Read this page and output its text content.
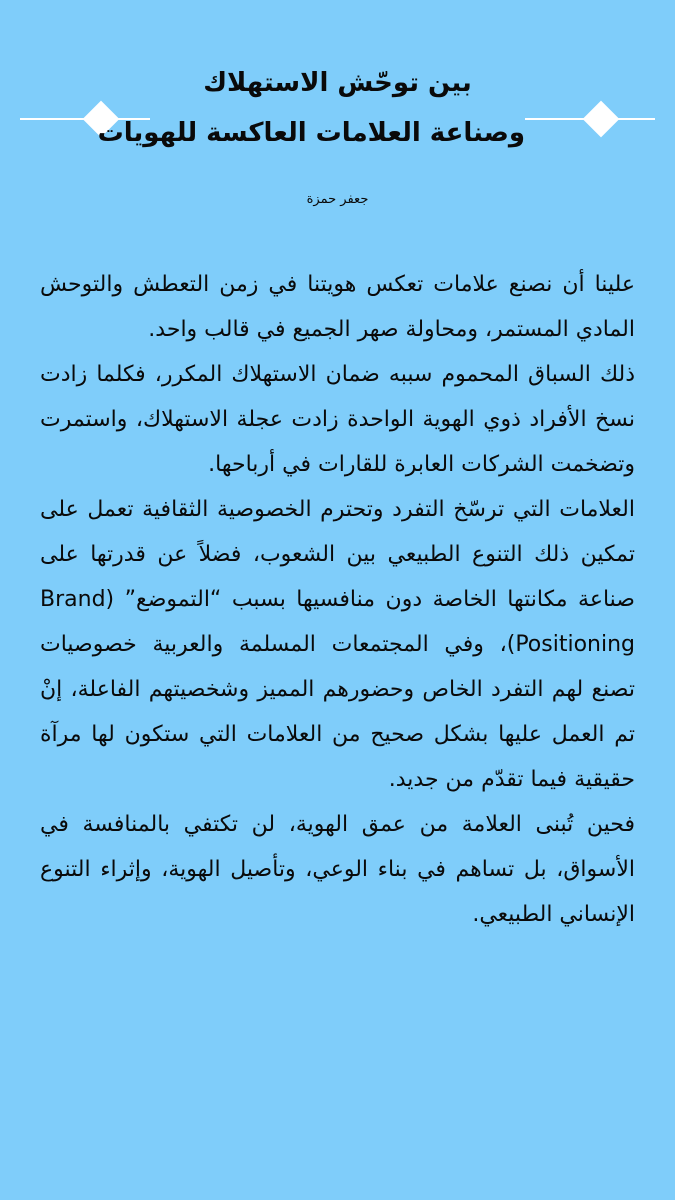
بين توحّش الاستهلاك
وصناعة العلامات العاكسة للهويات
جعفر حمزة

علينا أن نصنع علامات تعكس هويتنا في زمن التعطش والتوحش المادي المستمر، ومحاولة صهر الجميع في قالب واحد.

ذلك السباق المحموم سببه ضمان الاستهلاك المكرر، فكلما زادت نسخ الأفراد ذوي الهوية الواحدة زادت عجلة الاستهلاك، واستمرت وتضخمت الشركات العابرة للقارات في أرباحها.

العلامات التي ترسّخ التفرد وتحترم الخصوصية الثقافية تعمل على تمكين ذلك التنوع الطبيعي بين الشعوب، فضلاً عن قدرتها على صناعة مكانتها الخاصة دون منافسيها بسبب “التموضع” (Brand Positioning)، وفي المجتمعات المسلمة والعربية خصوصيات تصنع لهم التفرد الخاص وحضورهم المميز وشخصيتهم الفاعلة، إنْ تم العمل عليها بشكل صحيح من العلامات التي ستكون لها مرآة حقيقية فيما تقدّم من جديد.

فحين تُبنى العلامة من عمق الهوية، لن تكتفي بالمنافسة في الأسواق، بل تساهم في بناء الوعي، وتأصيل الهوية، وإثراء التنوع الإنساني الطبيعي.
